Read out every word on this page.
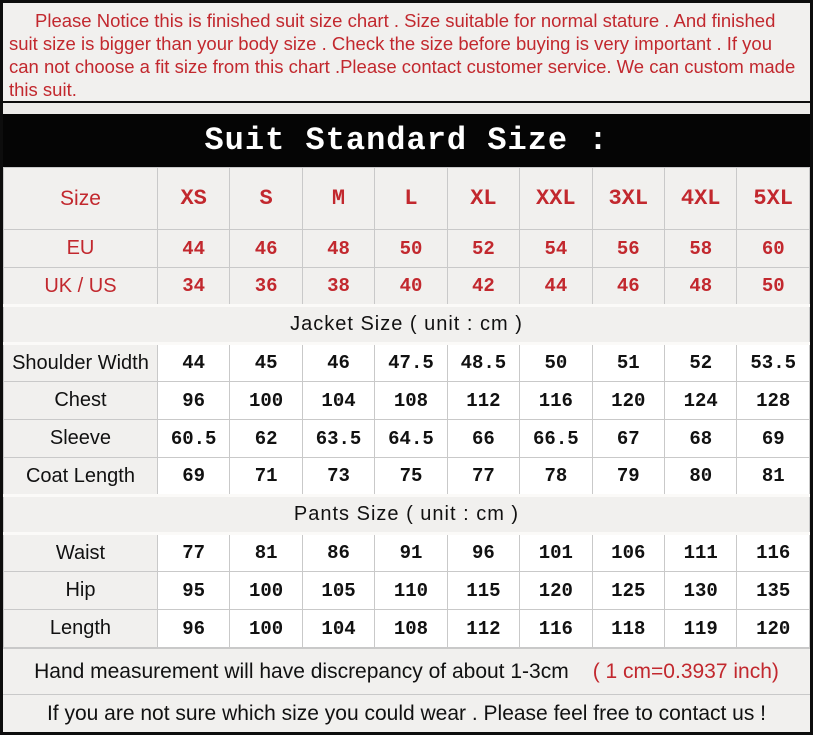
Please Notice this is finished suit size chart . Size suitable for normal stature . And finished suit size is bigger than your body size . Check the size before buying is very important . If you can not choose a fit size from this chart .Please contact customer service. We can custom made this suit.
Suit Standard Size :
Size	XS	S	M	L	XL	XXL	3XL	4XL	5XL
EU	44	46	48	50	52	54	56	58	60
UK / US	34	36	38	40	42	44	46	48	50
Jacket Size ( unit : cm )									
Shoulder Width	44	45	46	47.5	48.5	50	51	52	53.5
Chest	96	100	104	108	112	116	120	124	128
Sleeve	60.5	62	63.5	64.5	66	66.5	67	68	69
Coat Length	69	71	73	75	77	78	79	80	81
Pants Size ( unit : cm )									
Waist	77	81	86	91	96	101	106	111	116
Hip	95	100	105	110	115	120	125	130	135
Length	96	100	104	108	112	116	118	119	120
Hand measurement will have discrepancy of about 1-3cm ( 1 cm=0.3937 inch)
If you are not sure which size you could wear . Please feel free to contact us !
